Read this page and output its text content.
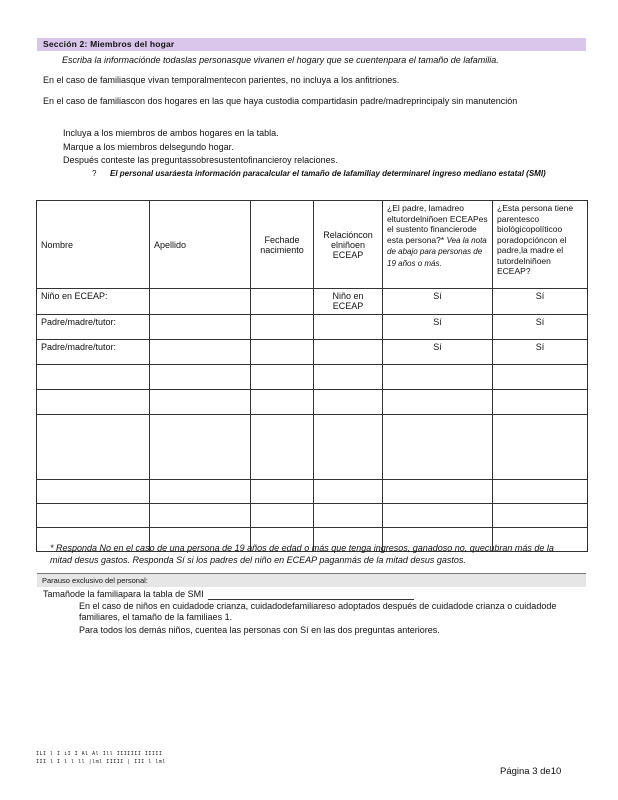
Sección 2: Miembros del hogar
Escriba la informaciónde todaslas personasque vivanen el hogary que se cuentenpara el tamaño de lafamilia.
En el caso de familiasque vivan temporalmentecon parientes, no incluya a los anfitriones.
En el caso de familiascon dos hogares en las que haya custodia compartidasin padre/madreprincipaly sin manutención
Incluya a los miembros de ambos hogares en la tabla.
Marque a los miembros delsegundo hogar.
Después conteste las preguntassobresustentofinancieroy relaciones.
?	El personal usaráesta información paracalcular el tamaño de lafamiliay determinarel ingreso mediano estatal (SMI)
Nombre	Apellido	Fechade nacimiento	Relacióncon elniñoen ECEAP	¿El padre, lamadreo eltutordelniñoen ECEAPes el sustento financierode esta persona?* Vea la nota de abajo para personas de 19 años o más.	¿Esta persona tiene parentesco biológicopolíticoo poradopcióncon el padre,la madre el tutordelniñoen ECEAP?
Niño en ECEAP:			Niño en ECEAP	Sí	Sí
Padre/madre/tutor:				Sí	Sí
Padre/madre/tutor:				Sí	Sí

* Responda No en el caso de una persona de 19 años de edad o más que tenga ingresos, ganadoso no, quecubran más de la mitad desus gastos. Responda Sí si los padres del niño en ECEAP paganmás de la mitad desus gastos.
Parauso exclusivo del personal:
Tamañode la familiapara la tabla de SMI
En el caso de niños en cuidadode crianza, cuidadodefamiliareso adoptados después de cuidadode crianza o cuidadode familiares, el tamaño de la familiaes 1.
Para todos los demás niños, cuentea las personas con Sí en las dos preguntas anteriores.
ILI l I iI I Al Al Ill IIIIIII IIIII
III l I l l ll |lml IIIII | III l lml
Página 3 de10
